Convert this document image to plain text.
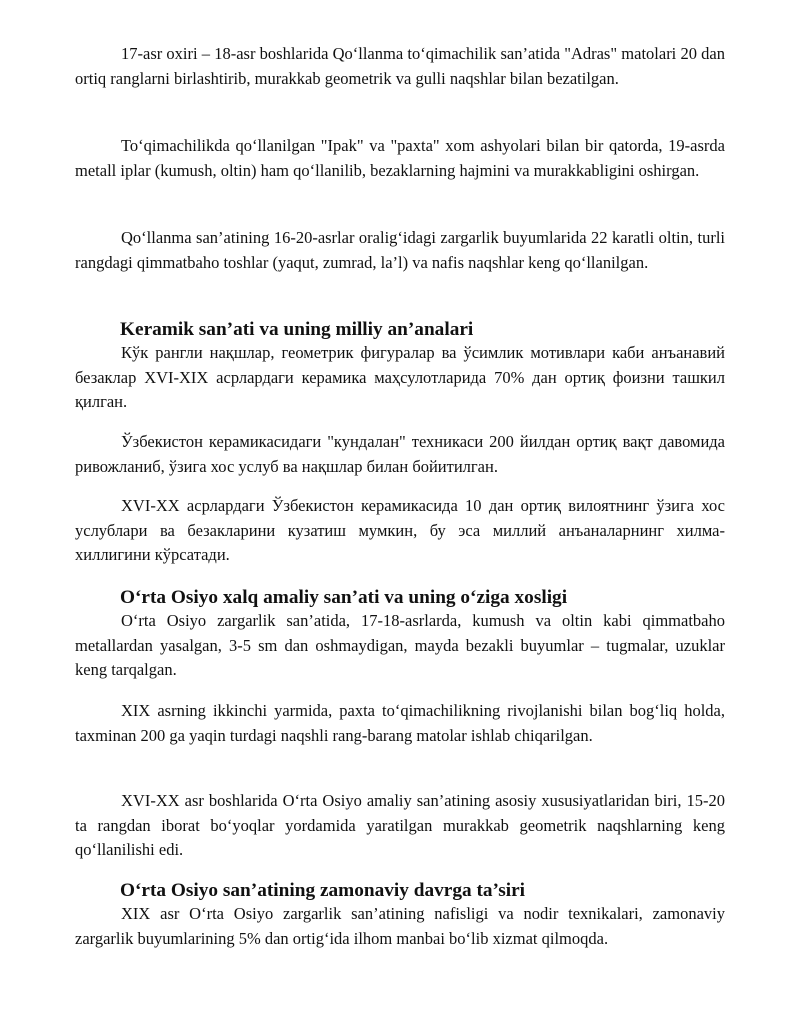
17-asr oxiri – 18-asr boshlarida Qo‘llanma to‘qimachilik san’atida "Adras" matolari 20 dan ortiq ranglarni birlashtirib, murakkab geometrik va gulli naqshlar bilan bezatilgan.

To‘qimachilikda qo‘llanilgan "Ipak" va "paxta" xom ashyolari bilan bir qatorda, 19-asrda metall iplar (kumush, oltin) ham qo‘llanilib, bezaklarning hajmini va murakkabligini oshirgan.

Qo‘llanma san’atining 16-20-asrlar oralig‘idagi zargarlik buyumlarida 22 karatli oltin, turli rangdagi qimmatbaho toshlar (yaqut, zumrad, la’l) va nafis naqshlar keng qo‘llanilgan.

Keramik san’ati va uning milliy an’analari

Кўк рангли нақшлар, геометрик фигуралар ва ўсимлик мотивлари каби анъанавий безаклар XVI-XIX асрлардаги керамика маҳсулотларида 70% дан ортиқ фоизни ташкил қилган.

Ўзбекистон керамикасидаги "кундалан" техникаси 200 йилдан ортиқ вақт давомида ривожланиб, ўзига хос услуб ва нақшлар билан бойитилган.

XVI-XX асрлардаги Ўзбекистон керамикасида 10 дан ортиқ вилоятнинг ўзига хос услублари ва безакларини кузатиш мумкин, бу эса миллий анъаналарнинг хилма-хиллигини кўрсатади.

O‘rta Osiyo xalq amaliy san’ati va uning o‘ziga xosligi

O‘rta Osiyo zargarlik san’atida, 17-18-asrlarda, kumush va oltin kabi qimmatbaho metallardan yasalgan, 3-5 sm dan oshmaydigan, mayda bezakli buyumlar – tugmalar, uzuklar keng tarqalgan.

XIX asrning ikkinchi yarmida, paxta to‘qimachilikning rivojlanishi bilan bog‘liq holda, taxminan 200 ga yaqin turdagi naqshli rang-barang matolar ishlab chiqarilgan.

XVI-XX asr boshlarida O‘rta Osiyo amaliy san’atining asosiy xususiyatlaridan biri, 15-20 ta rangdan iborat bo‘yoqlar yordamida yaratilgan murakkab geometrik naqshlarning keng qo‘llanilishi edi.

O‘rta Osiyo san’atining zamonaviy davrga ta’siri

XIX asr O‘rta Osiyo zargarlik san’atining nafisligi va nodir texnikalari, zamonaviy zargarlik buyumlarining 5% dan ortig‘ida ilhom manbai bo‘lib xizmat qilmoqda.
